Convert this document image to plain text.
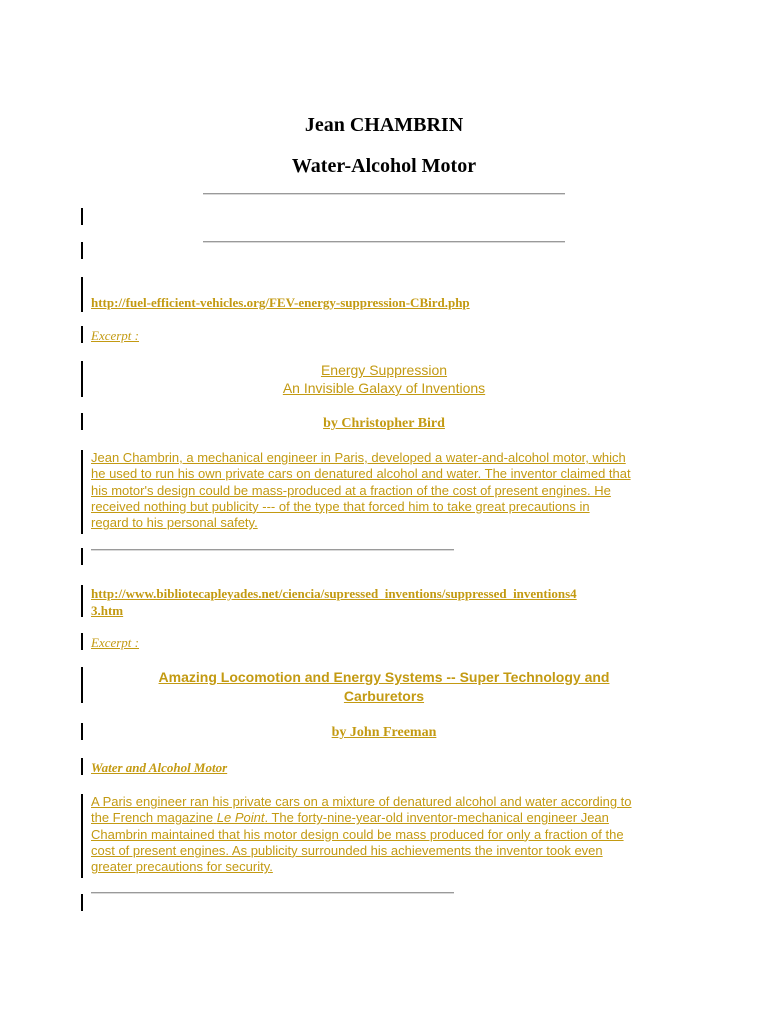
Jean CHAMBRIN
Water-Alcohol Motor
http://fuel-efficient-vehicles.org/FEV-energy-suppression-CBird.php
Excerpt :
Energy Suppression
An Invisible Galaxy of Inventions
by Christopher Bird
Jean Chambrin, a mechanical engineer in Paris, developed a water-and-alcohol motor, which
he used to run his own private cars on denatured alcohol and water. The inventor claimed that
his motor's design could be mass-produced at a fraction of the cost of present engines. He
received nothing but publicity --- of the type that forced him to take great precautions in
regard to his personal safety.
http://www.bibliotecapleyades.net/ciencia/supressed_inventions/suppressed_inventions4
3.htm
Excerpt :
Amazing Locomotion and Energy Systems -- Super Technology and
Carburetors
by John Freeman
Water and Alcohol Motor
A Paris engineer ran his private cars on a mixture of denatured alcohol and water according to
the French magazine Le Point. The forty-nine-year-old inventor-mechanical engineer Jean
Chambrin maintained that his motor design could be mass produced for only a fraction of the
cost of present engines. As publicity surrounded his achievements the inventor took even
greater precautions for security.
